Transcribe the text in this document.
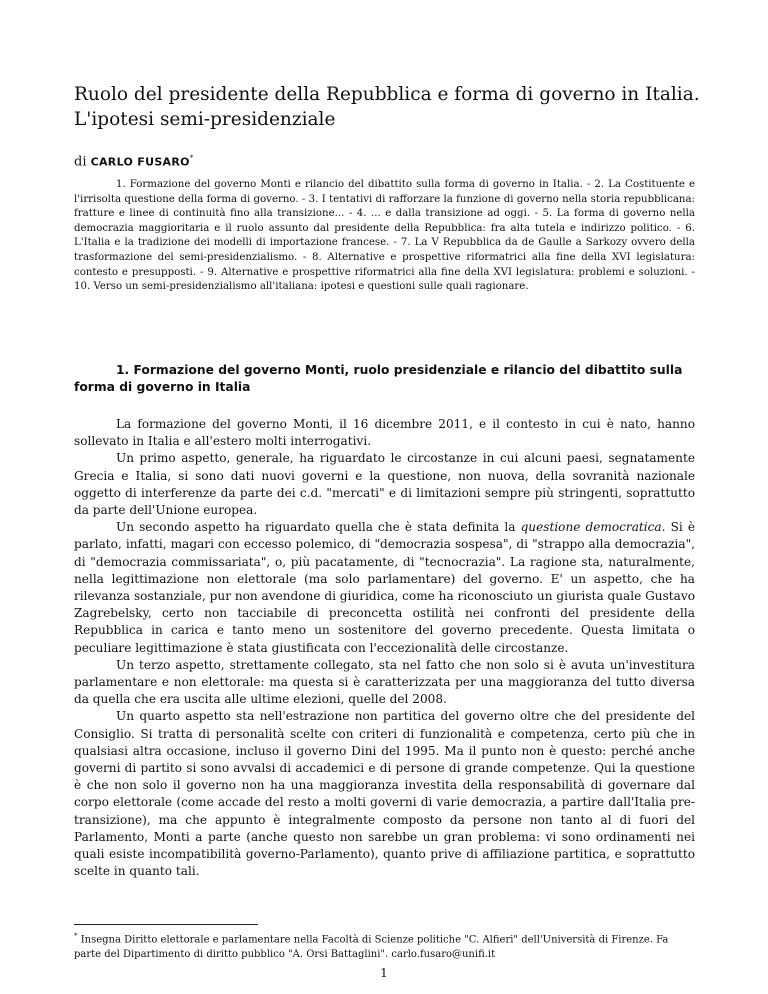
Ruolo del presidente della Repubblica e forma di governo in Italia.
L'ipotesi semi-presidenziale
di CARLO FUSARO*

1. Formazione del governo Monti e rilancio del dibattito sulla forma di governo in Italia. - 2. La Costituente e l'irrisolta questione della forma di governo. - 3. I tentativi di rafforzare la funzione di governo nella storia repubblicana: fratture e linee di continuità fino alla transizione... - 4. ... e dalla transizione ad oggi. - 5. La forma di governo nella democrazia maggioritaria e il ruolo assunto dal presidente della Repubblica: fra alta tutela e indirizzo politico. - 6. L'Italia e la tradizione dei modelli di importazione francese. - 7. La V Repubblica da de Gaulle a Sarkozy ovvero della trasformazione del semi-presidenzialismo. - 8. Alternative e prospettive riformatrici alla fine della XVI legislatura: contesto e presupposti. - 9. Alternative e prospettive riformatrici alla fine della XVI legislatura: problemi e soluzioni. - 10. Verso un semi-presidenzialismo all'italiana: ipotesi e questioni sulle quali ragionare.

1. Formazione del governo Monti, ruolo presidenziale e rilancio del dibattito sulla forma di governo in Italia

La formazione del governo Monti, il 16 dicembre 2011, e il contesto in cui è nato, hanno sollevato in Italia e all'estero molti interrogativi.

Un primo aspetto, generale, ha riguardato le circostanze in cui alcuni paesi, segnatamente Grecia e Italia, si sono dati nuovi governi e la questione, non nuova, della sovranità nazionale oggetto di interferenze da parte dei c.d. "mercati" e di limitazioni sempre più stringenti, soprattutto da parte dell'Unione europea.

Un secondo aspetto ha riguardato quella che è stata definita la questione democratica. Si è parlato, infatti, magari con eccesso polemico, di "democrazia sospesa", di "strappo alla democrazia", di "democrazia commissariata", o, più pacatamente, di "tecnocrazia". La ragione sta, naturalmente, nella legittimazione non elettorale (ma solo parlamentare) del governo. E' un aspetto, che ha rilevanza sostanziale, pur non avendone di giuridica, come ha riconosciuto un giurista quale Gustavo Zagrebelsky, certo non tacciabile di preconcetta ostilità nei confronti del presidente della Repubblica in carica e tanto meno un sostenitore del governo precedente. Questa limitata o peculiare legittimazione è stata giustificata con l'eccezionalità delle circostanze.

Un terzo aspetto, strettamente collegato, sta nel fatto che non solo si è avuta un'investitura parlamentare e non elettorale: ma questa si è caratterizzata per una maggioranza del tutto diversa da quella che era uscita alle ultime elezioni, quelle del 2008.

Un quarto aspetto sta nell'estrazione non partitica del governo oltre che del presidente del Consiglio. Si tratta di personalità scelte con criteri di funzionalità e competenza, certo più che in qualsiasi altra occasione, incluso il governo Dini del 1995. Ma il punto non è questo: perché anche governi di partito si sono avvalsi di accademici e di persone di grande competenze. Qui la questione è che non solo il governo non ha una maggioranza investita della responsabilità di governare dal corpo elettorale (come accade del resto a molti governi di varie democrazia, a partire dall'Italia pre-transizione), ma che appunto è integralmente composto da persone non tanto al di fuori del Parlamento, Monti a parte (anche questo non sarebbe un gran problema: vi sono ordinamenti nei quali esiste incompatibilità governo-Parlamento), quanto prive di affiliazione partitica, e soprattutto scelte in quanto tali.

* Insegna Diritto elettorale e parlamentare nella Facoltà di Scienze politiche "C. Alfieri" dell'Università di Firenze. Fa parte del Dipartimento di diritto pubblico "A. Orsi Battaglini". carlo.fusaro@unifi.it

1
